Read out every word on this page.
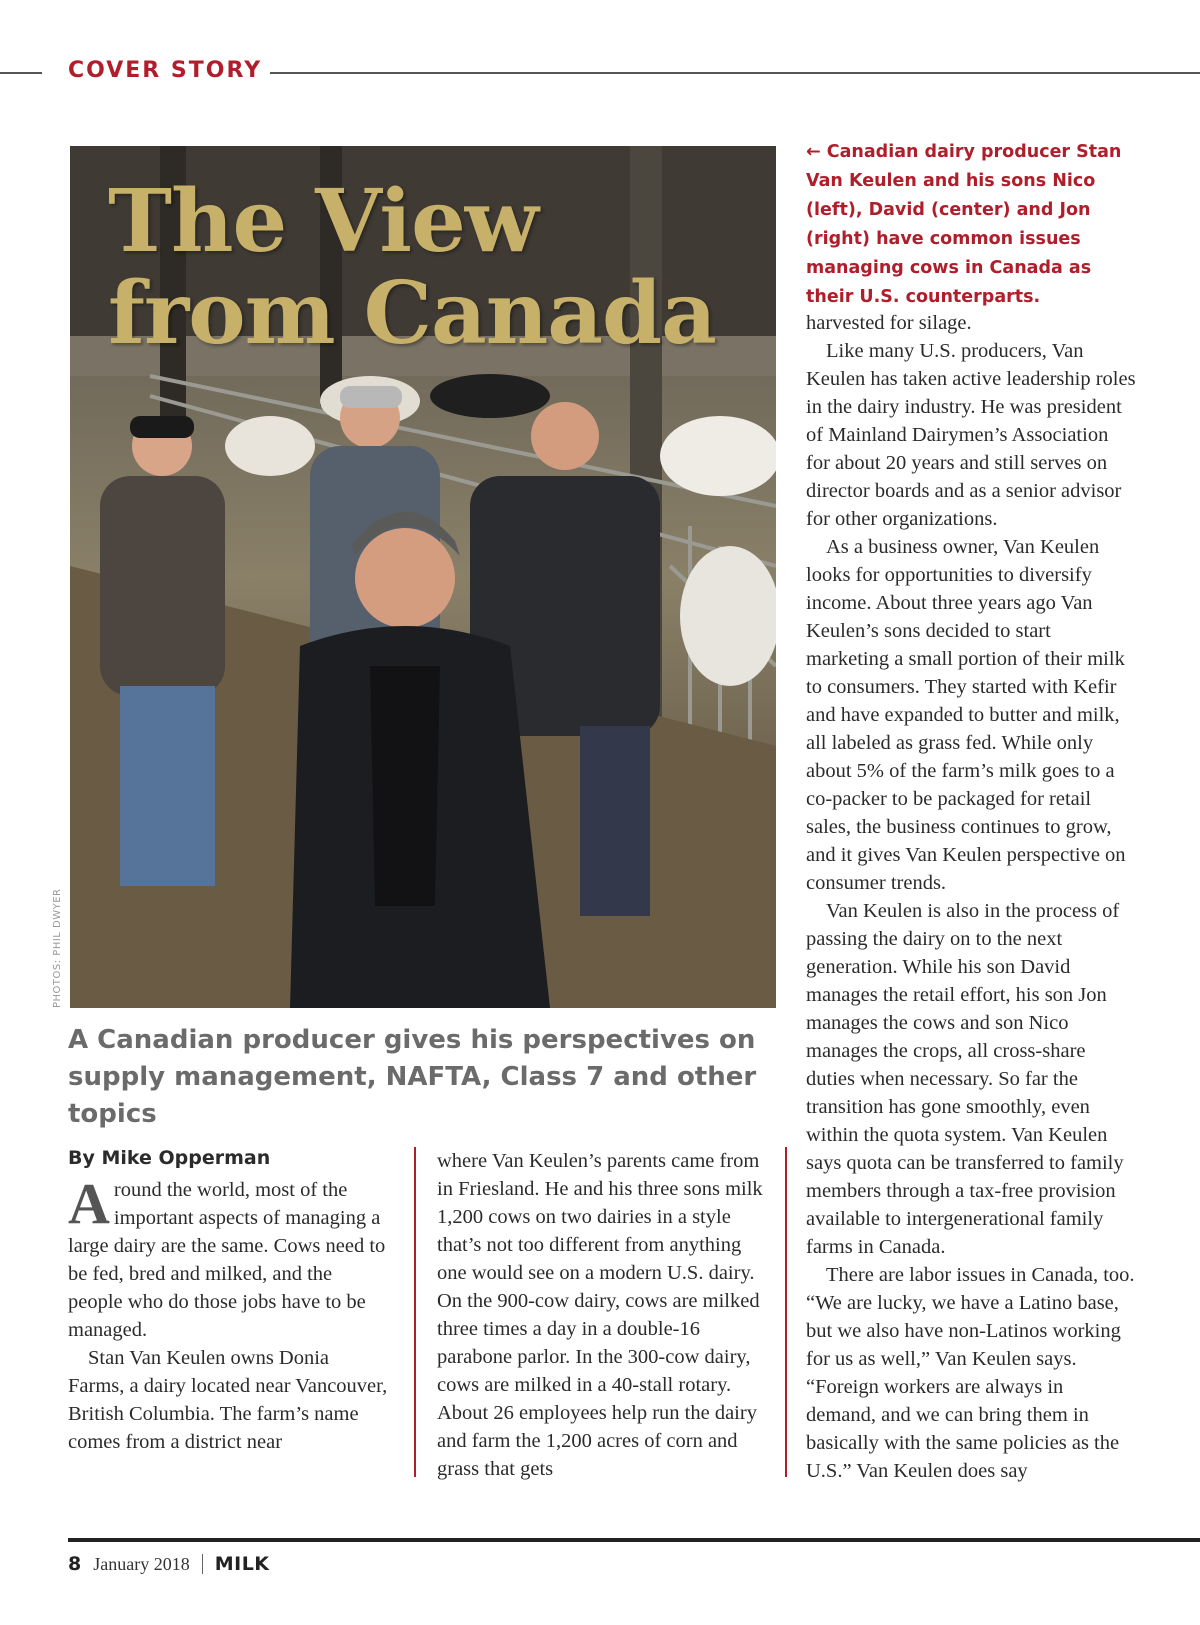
COVER STORY
The View from Canada
PHOTOS: PHIL DWYER

← Canadian dairy producer Stan Van Keulen and his sons Nico (left), David (center) and Jon (right) have common issues managing cows in Canada as their U.S. counterparts.

A Canadian producer gives his perspectives on supply management, NAFTA, Class 7 and other topics

By Mike Opperman

Around the world, most of the important aspects of managing a large dairy are the same. Cows need to be fed, bred and milked, and the people who do those jobs have to be managed.

Stan Van Keulen owns Donia Farms, a dairy located near Vancouver, British Columbia. The farm’s name comes from a district near

where Van Keulen’s parents came from in Friesland. He and his three sons milk 1,200 cows on two dairies in a style that’s not too different from anything one would see on a modern U.S. dairy. On the 900-cow dairy, cows are milked three times a day in a double-16 parabone parlor. In the 300-cow dairy, cows are milked in a 40-stall rotary. About 26 employees help run the dairy and farm the 1,200 acres of corn and grass that gets

harvested for silage.

Like many U.S. producers, Van Keulen has taken active leadership roles in the dairy industry. He was president of Mainland Dairymen’s Association for about 20 years and still serves on director boards and as a senior advisor for other organizations.

As a business owner, Van Keulen looks for opportunities to diversify income. About three years ago Van Keulen’s sons decided to start marketing a small portion of their milk to consumers. They started with Kefir and have expanded to butter and milk, all labeled as grass fed. While only about 5% of the farm’s milk goes to a co-packer to be packaged for retail sales, the business continues to grow, and it gives Van Keulen perspective on consumer trends.

Van Keulen is also in the process of passing the dairy on to the next generation. While his son David manages the retail effort, his son Jon manages the cows and son Nico manages the crops, all cross-share duties when necessary. So far the transition has gone smoothly, even within the quota system. Van Keulen says quota can be transferred to family members through a tax-free provision available to intergenerational family farms in Canada.

There are labor issues in Canada, too. “We are lucky, we have a Latino base, but we also have non-Latinos working for us as well,” Van Keulen says. “Foreign workers are always in demand, and we can bring them in basically with the same policies as the U.S.” Van Keulen does say

8 January 2018 MILK
